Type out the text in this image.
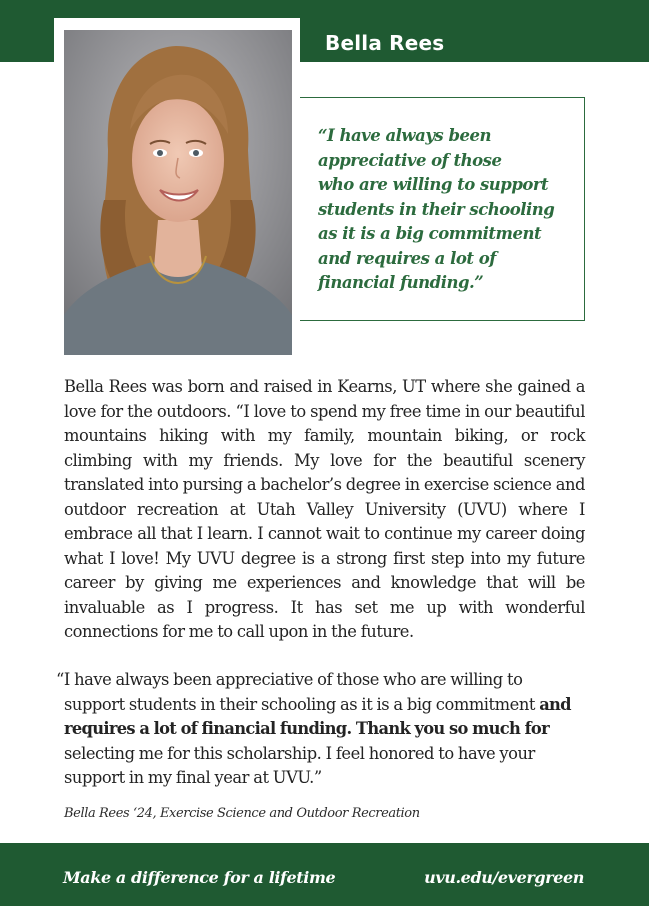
Bella Rees
“I have always been
appreciative of those
who are willing to support
students in their schooling
as it is a big commitment
and requires a lot of
financial funding.”

Bella Rees was born and raised in Kearns, UT where she gained a love for the outdoors. “I love to spend my free time in our beautiful mountains hiking with my family, mountain biking, or rock climbing with my friends. My love for the beautiful scenery translated into pursing a bachelor’s degree in exercise science and outdoor recreation at Utah Valley University (UVU) where I embrace all that I learn. I cannot wait to continue my career doing what I love! My UVU degree is a strong first step into my future career by giving me experiences and knowledge that will be invaluable as I progress. It has set me up with wonderful connections for me to call upon in the future.

“I have always been appreciative of those who are willing to support students in their schooling as it is a big commitment and requires a lot of financial funding. Thank you so much for selecting me for this scholarship. I feel honored to have your support in my final year at UVU.”

Bella Rees ‘24, Exercise Science and Outdoor Recreation
Make a difference for a lifetime	uvu.edu/evergreen
